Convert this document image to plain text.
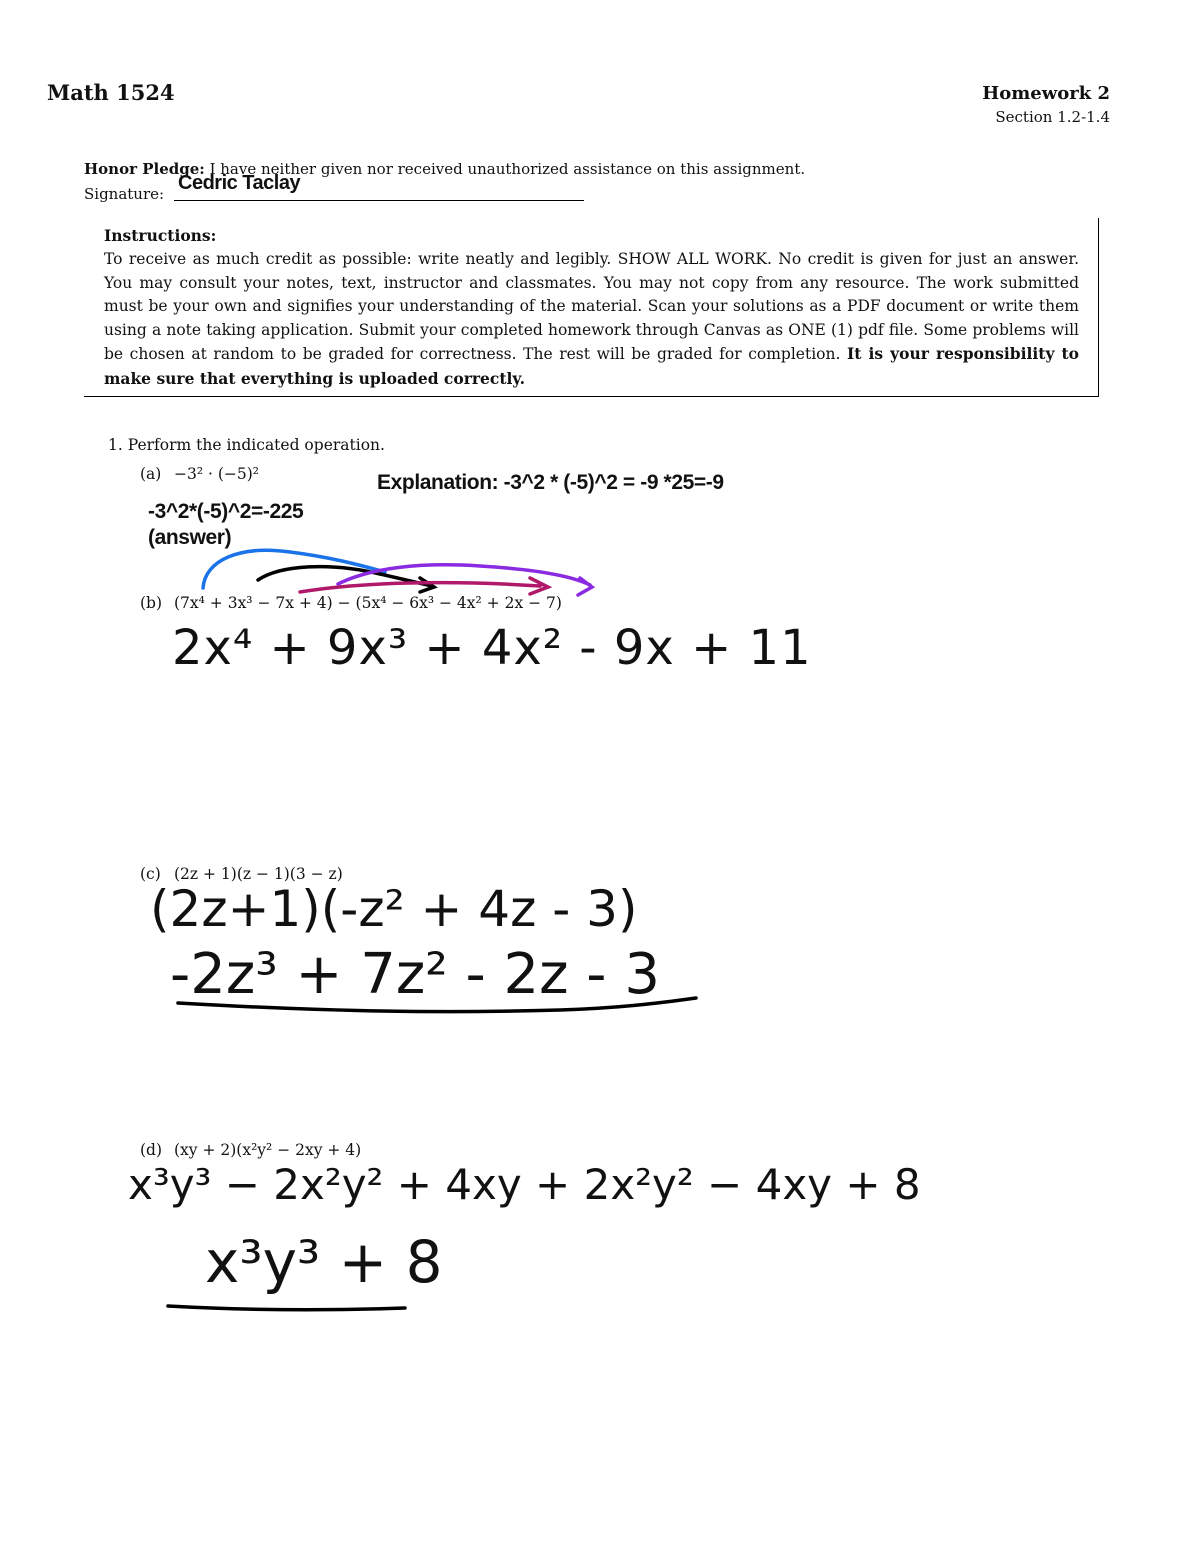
Math 1524	Homework 2
Section 1.2-1.4
Honor Pledge: I have neither given nor received unauthorized assistance on this assignment.
Signature: Cedric Taclay
Instructions:
To receive as much credit as possible: write neatly and legibly. SHOW ALL WORK. No credit is given for just an answer. You may consult your notes, text, instructor and classmates. You may not copy from any resource. The work submitted must be your own and signifies your understanding of the material. Scan your solutions as a PDF document or write them using a note taking application. Submit your completed homework through Canvas as ONE (1) pdf file. Some problems will be chosen at random to be graded for correctness. The rest will be graded for completion. It is your responsibility to make sure that everything is uploaded correctly.
1. Perform the indicated operation.
(a) −3² · (−5)²	Explanation: -3^2 * (-5)^2 = -9 *25=-9
-3^2*(-5)^2=-225
(answer)
(b) (7x⁴ + 3x³ − 7x + 4) − (5x⁴ − 6x³ − 4x² + 2x − 7)
2x⁴ + 9x³ + 4x² - 9x + 11
(c) (2z + 1)(z − 1)(3 − z)
(2z+1)(-z² + 4z - 3)
-2z³ + 7z² - 2z - 3
(d) (xy + 2)(x²y² − 2xy + 4)
x³y³ − 2x²y² + 4xy + 2x²y² − 4xy + 8
x³y³ + 8
